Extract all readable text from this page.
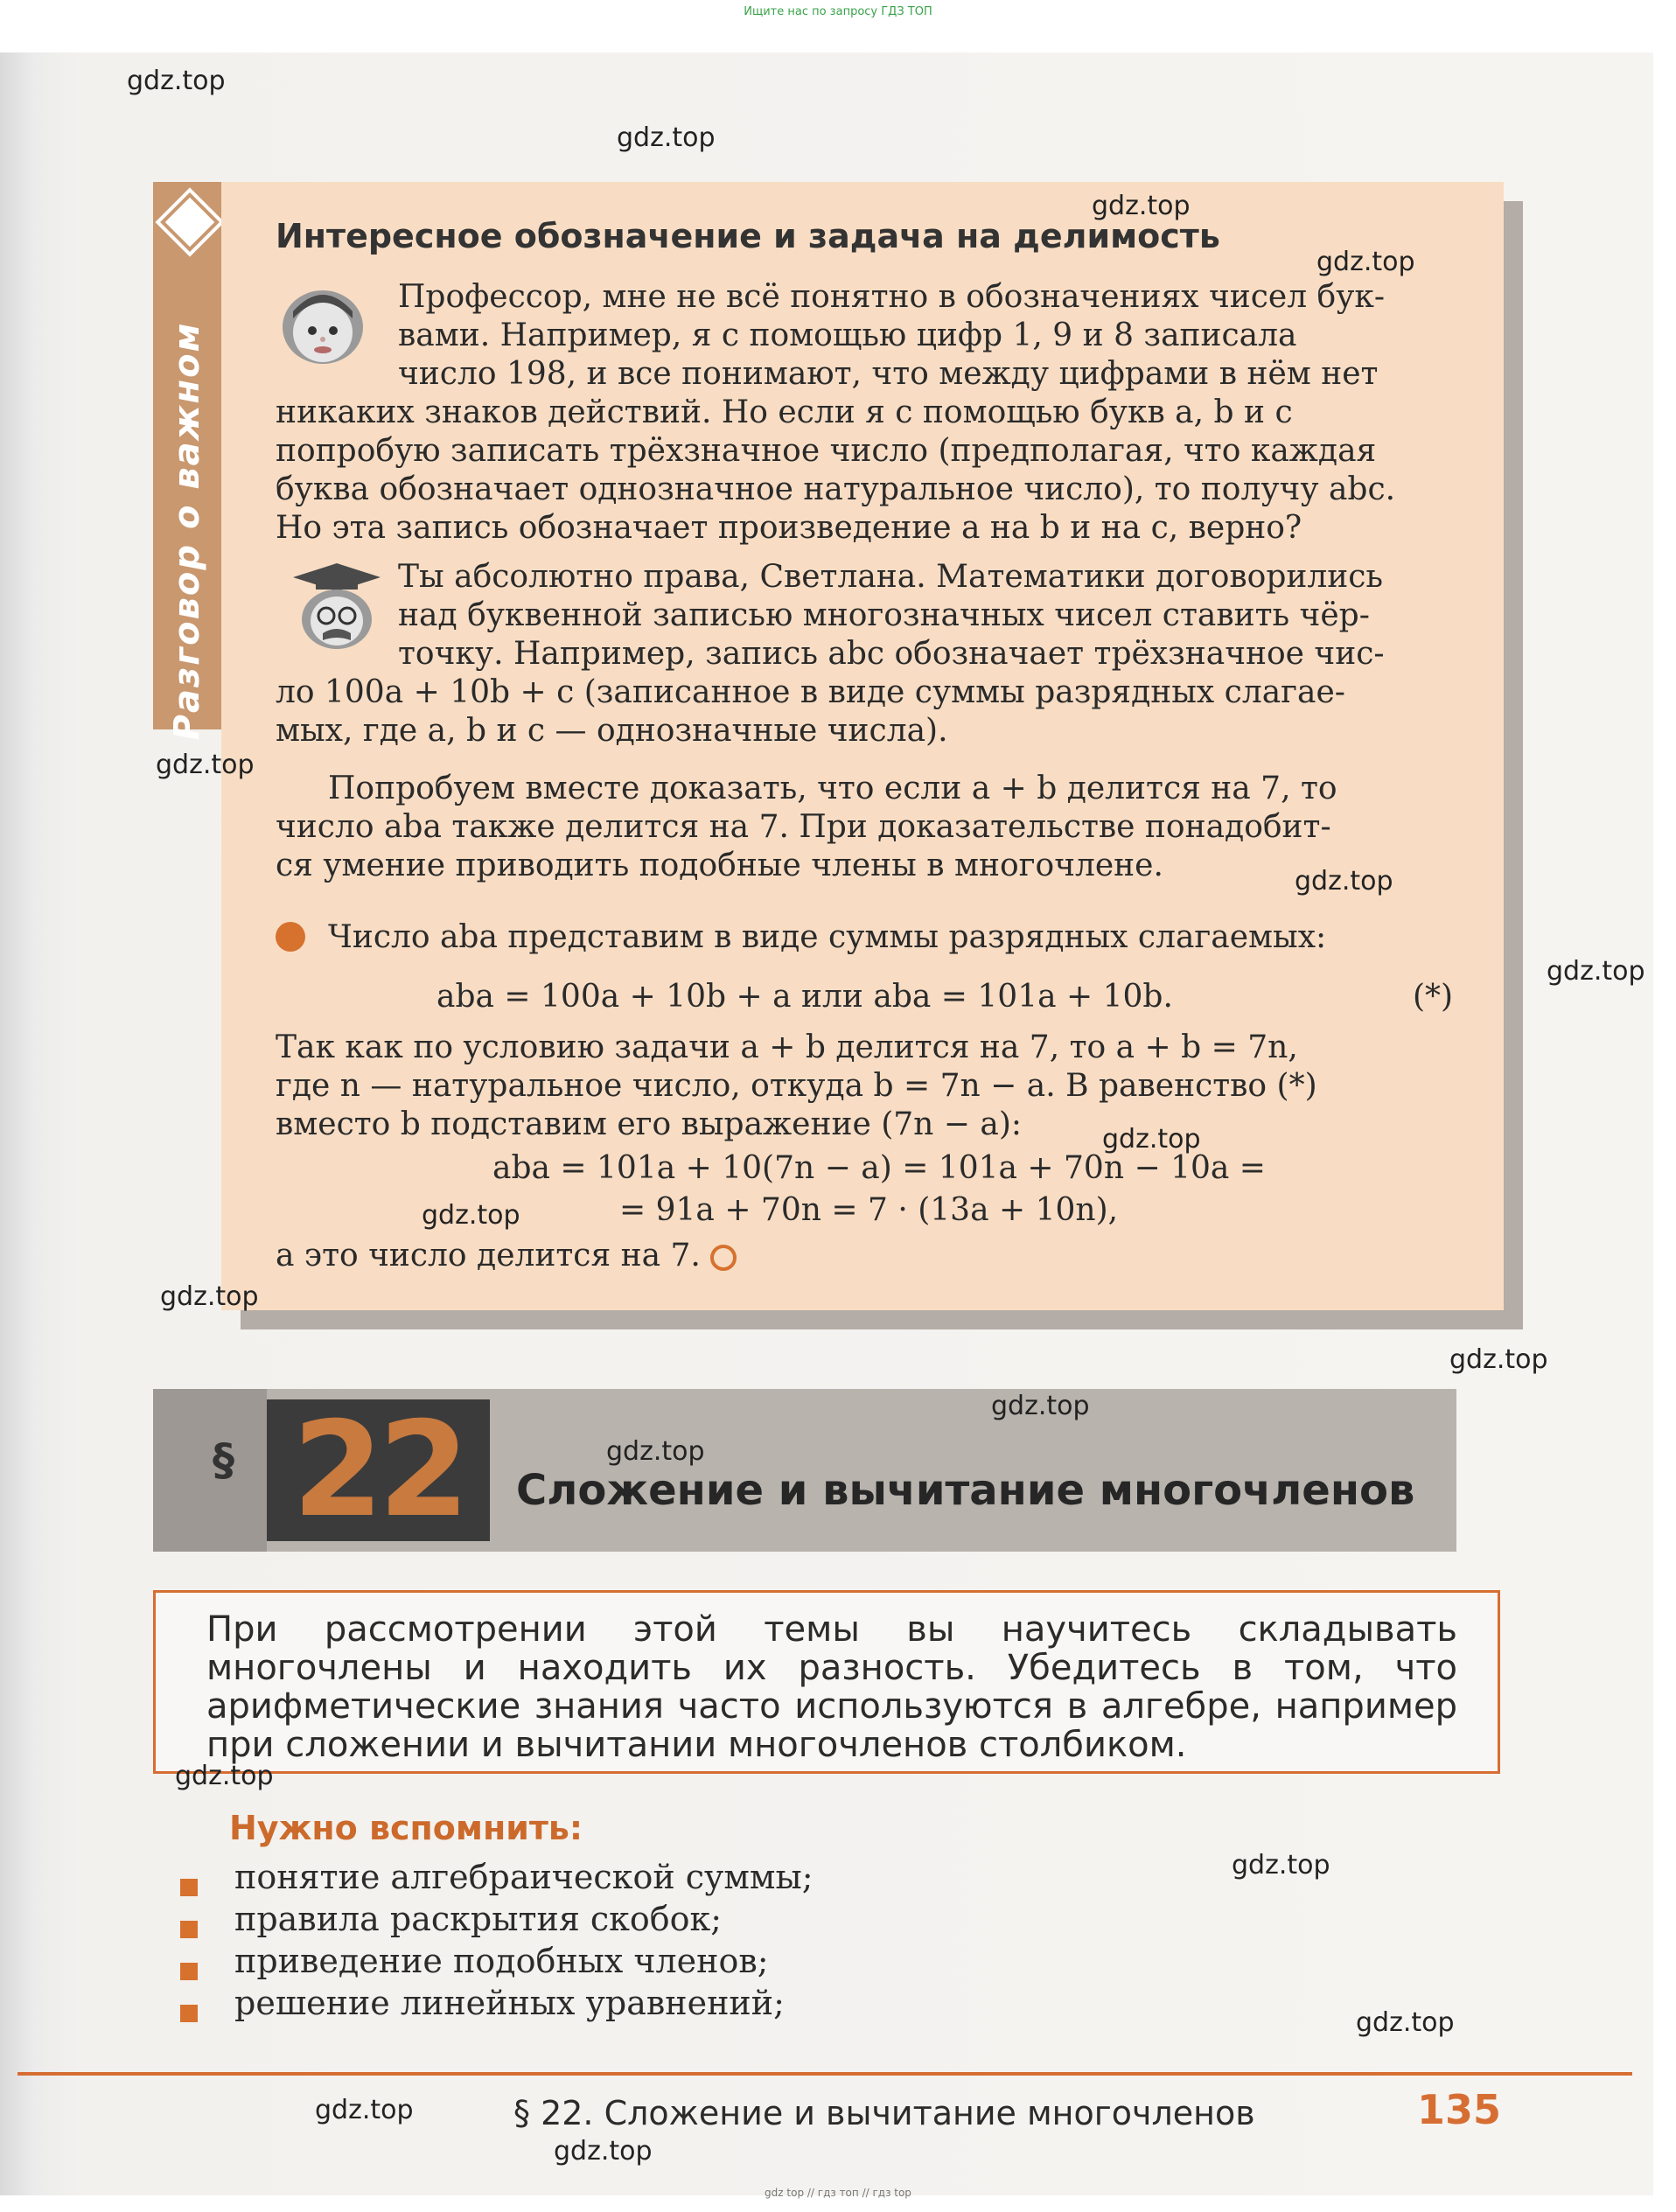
Ищите нас по запросу ГДЗ ТОП
Разговор о важном
Интересное обозначение и задача на делимость
Профессор, мне не всё понятно в обозначениях чисел бук-
вами. Например, я с помощью цифр 1, 9 и 8 записала
число 198, и все понимают, что между цифрами в нём нет
никаких знаков действий. Но если я с помощью букв a, b и c
попробую записать трёхзначное число (предполагая, что каждая
буква обозначает однозначное натуральное число), то получу abc.
Но эта запись обозначает произведение a на b и на c, верно?
Ты абсолютно права, Светлана. Математики договорились
над буквенной записью многозначных чисел ставить чёр-
точку. Например, запись abc обозначает трёхзначное чис-
ло 100a + 10b + c (записанное в виде суммы разрядных слагае-
мых, где a, b и c — однозначные числа).
Попробуем вместе доказать, что если a + b делится на 7, то
число aba также делится на 7. При доказательстве понадобит-
ся умение приводить подобные члены в многочлене.
Число aba представим в виде суммы разрядных слагаемых:
aba = 100a + 10b + a или aba = 101a + 10b.	(*)
Так как по условию задачи a + b делится на 7, то a + b = 7n,
где n — натуральное число, откуда b = 7n − a. В равенство (*)
вместо b подставим его выражение (7n − a):
aba = 101a + 10(7n − a) = 101a + 70n − 10a =
= 91a + 70n = 7 · (13a + 10n),
а это число делится на 7.
§ 22	Сложение и вычитание многочленов
При рассмотрении этой темы вы научитесь складывать многочлены и находить их разность. Убедитесь в том, что арифметические знания часто используются в алгебре, например при сложении и вычитании многочленов столбиком.
Нужно вспомнить:
понятие алгебраической суммы;
правила раскрытия скобок;
приведение подобных членов;
решение линейных уравнений;
§ 22. Сложение и вычитание многочленов	135
gdz.top
gdz.top
gdz.top
gdz.top
gdz.top
gdz.top
gdz.top
gdz.top
gdz.top
gdz.top
gdz.top
gdz.top
gdz.top
gdz.top
gdz.top
gdz.top
gdz.top
gdz.top
gdz top // гдз топ // гдз top
